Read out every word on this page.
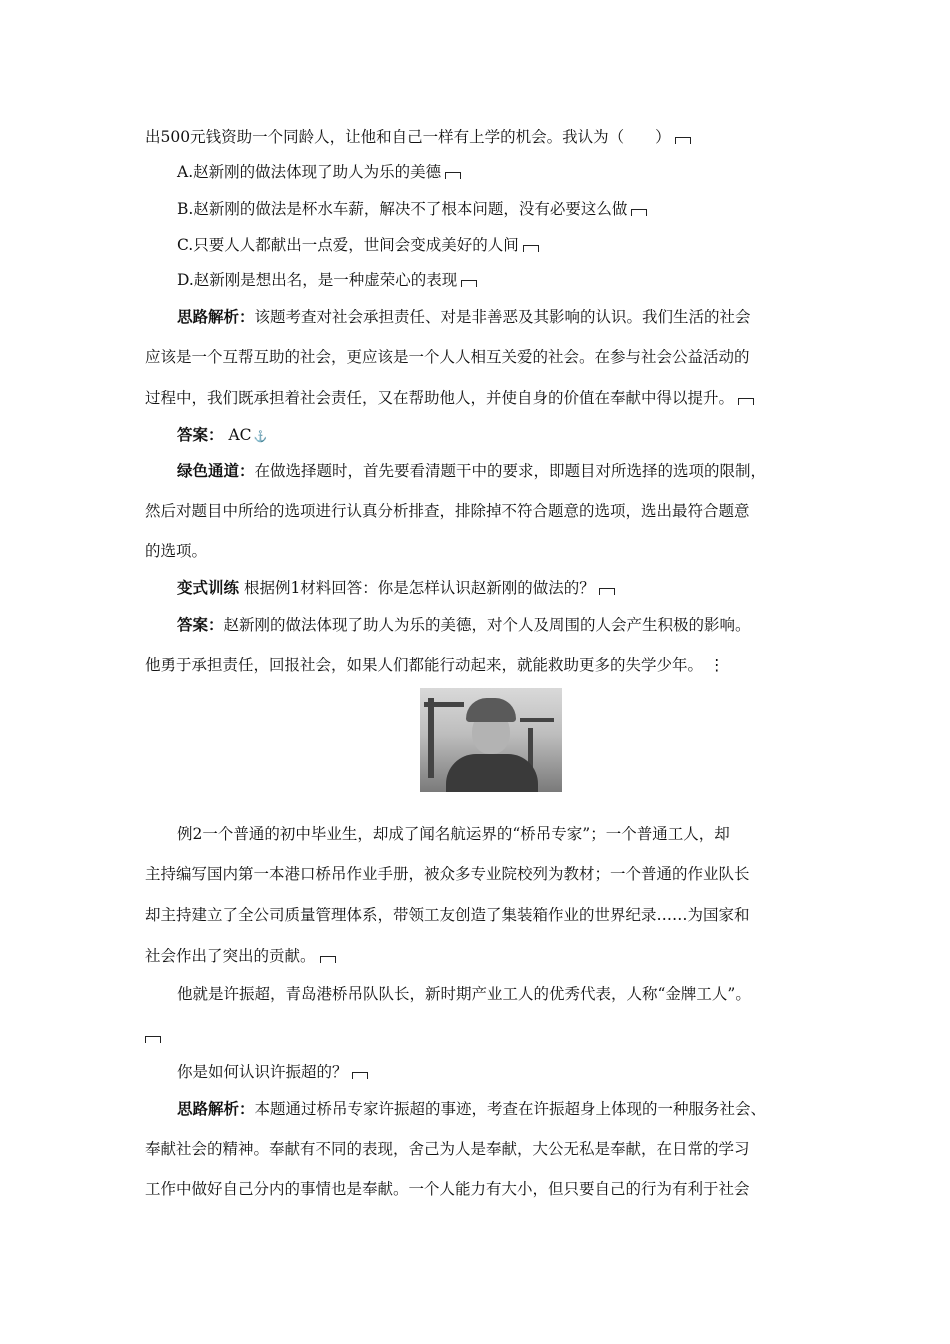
出500元钱资助一个同龄人，让他和自己一样有上学的机会。我认为（　　）
A.赵新刚的做法体现了助人为乐的美德
B.赵新刚的做法是杯水车薪，解决不了根本问题，没有必要这么做
C.只要人人都献出一点爱，世间会变成美好的人间
D.赵新刚是想出名，是一种虚荣心的表现
思路解析：该题考查对社会承担责任、对是非善恶及其影响的认识。我们生活的社会
应该是一个互帮互助的社会，更应该是一个人人相互关爱的社会。在参与社会公益活动的
过程中，我们既承担着社会责任，又在帮助他人，并使自身的价值在奉献中得以提升。
答案： AC ⚓
绿色通道：在做选择题时，首先要看清题干中的要求，即题目对所选择的选项的限制，
然后对题目中所给的选项进行认真分析排查，排除掉不符合题意的选项，选出最符合题意
的选项。
变式训练 根据例1材料回答：你是怎样认识赵新刚的做法的？
答案：赵新刚的做法体现了助人为乐的美德，对个人及周围的人会产生积极的影响。
他勇于承担责任，回报社会，如果人们都能行动起来，就能救助更多的失学少年。 ⋮
例2一个普通的初中毕业生，却成了闻名航运界的“桥吊专家”；一个普通工人，却
主持编写国内第一本港口桥吊作业手册，被众多专业院校列为教材；一个普通的作业队长
却主持建立了全公司质量管理体系，带领工友创造了集装箱作业的世界纪录……为国家和
社会作出了突出的贡献。
他就是许振超，青岛港桥吊队队长，新时期产业工人的优秀代表，人称“金牌工人”。
你是如何认识许振超的？
思路解析：本题通过桥吊专家许振超的事迹，考查在许振超身上体现的一种服务社会、
奉献社会的精神。奉献有不同的表现，舍己为人是奉献，大公无私是奉献，在日常的学习
工作中做好自己分内的事情也是奉献。一个人能力有大小，但只要自己的行为有利于社会
